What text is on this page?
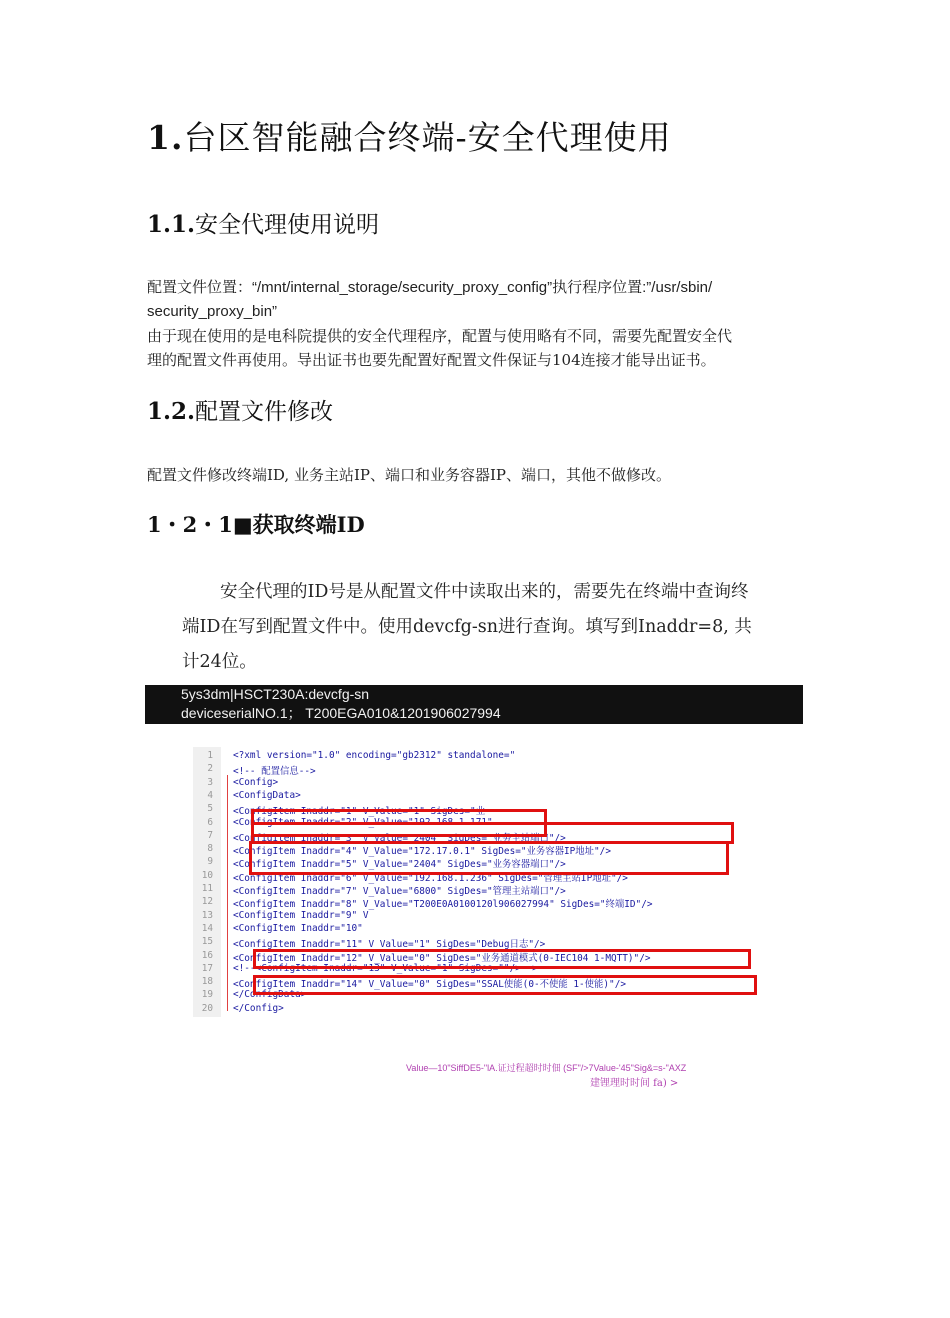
1.台区智能融合终端-安全代理使用
1.1.安全代理使用说明
配置文件位置：“/mnt/internal_storage/security_proxy_config”执行程序位置:”/usr/sbin/
security_proxy_bin”
由于现在使用的是电科院提供的安全代理程序，配置与使用略有不同，需要先配置安全代
理的配置文件再使用。导出证书也要先配置好配置文件保证与104连接才能导出证书。
1.2.配置文件修改
配置文件修改终端ID, 业务主站IP、端口和业务容器IP、端口，其他不做修改。
1・2・1■获取终端ID
安全代理的ID号是从配置文件中读取出来的，需要先在终端中查询终
端ID在写到配置文件中。使用devcfg-sn进行查询。填写到Inaddr=8, 共
计24位。
5ys3dm|HSCT230A:devcfg-sn
deviceserialNO.1； T200EGA010&1201906027994
1 <?xml version="1.0" encoding="gb2312" standalone="
2 <!-- 配置信息-->
3 <Config>
4 <ConfigData>
5 <ConfigItem Inaddr="1" V_Value="1" SigDes="业
6 <ConfigItem Inaddr="2" V_Value="192.168.1.171"
7 <ConfigItem Inaddr="3" V_Value="2404" SigDes="业务主站端口"/>
8 <ConfigItem Inaddr="4" V_Value="172.17.0.1" SigDes="业务容器IP地址"/>
9 <ConfigItem Inaddr="5" V_Value="2404" SigDes="业务容器端口"/>
10 <ConfigItem Inaddr="6" V_Value="192.168.1.236" SigDes="管理主站IP地址"/>
11 <ConfigItem Inaddr="7" V_Value="6800" SigDes="管理主站端口"/>
12 <ConfigItem Inaddr="8" V_Value="T200E0A0100120l906027994" SigDes="终端ID"/>
13 <ConfigItem Inaddr="9" V
14 <ConfigItem Inaddr="10"
15 <ConfigItem Inaddr="11" V_Value="1" SigDes="Debug日志"/>
16 <ConfigItem Inaddr="12" V_Value="0" SigDes="业务通道模式(0-IEC104 1-MQTT)"/>
17 <!--<ConfigItem Inaddr="13" V_Value="1" SigDes=""/>-->
18 <ConfigItem Inaddr="14" V_Value="0" SigDes="SSAL使能(0-不使能 1-使能)"/>
19 </ConfigData>
20 </Config>
Value—10"SiffDE5-"lA.证过程超时时佃 (SF"/>7Value-'45"Sig&=s-"AXZ
建锂理时时间 fa) >
